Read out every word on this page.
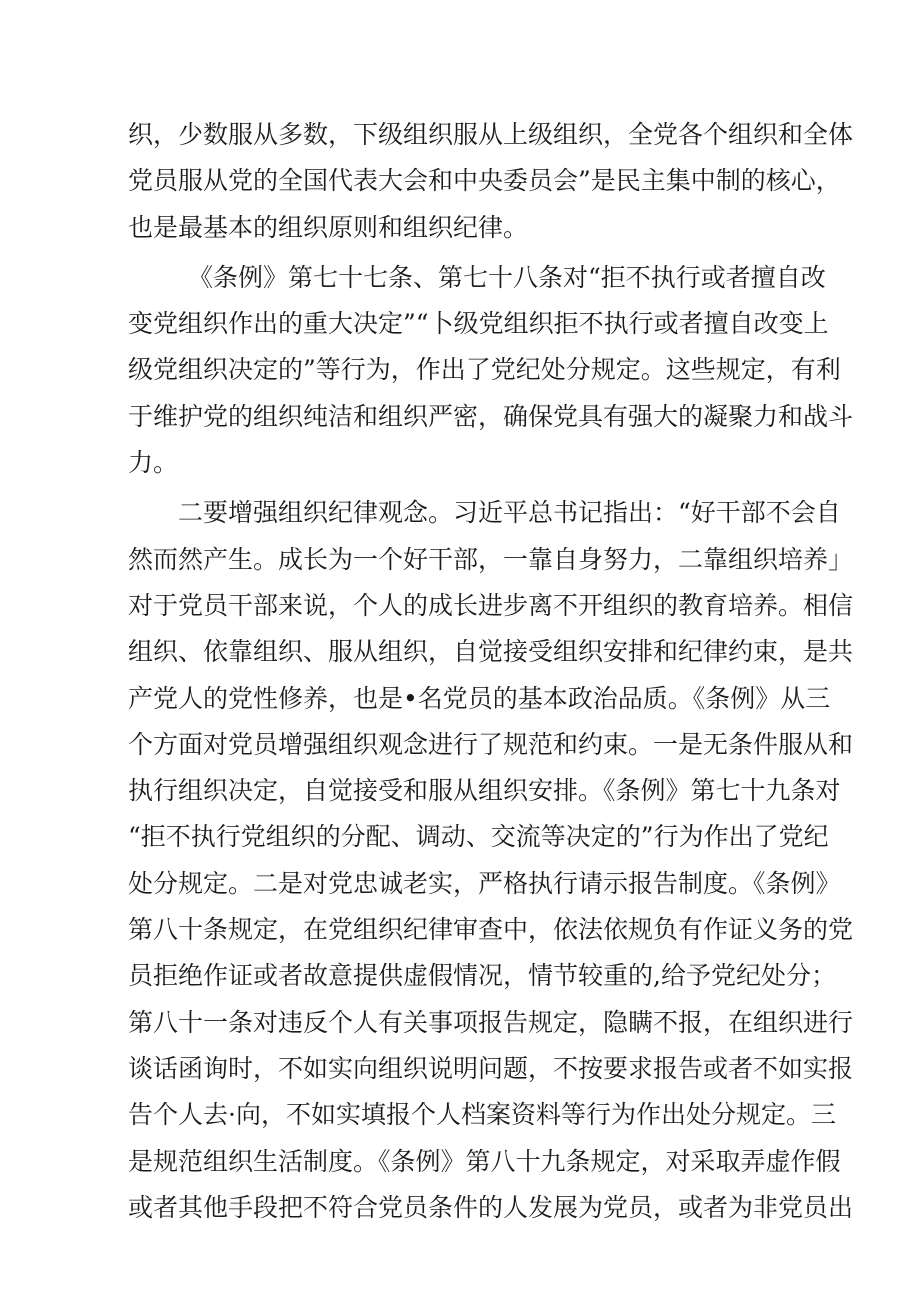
织，少数服从多数，下级组织服从上级组织，全党各个组织和全体
党员服从党的全国代表大会和中央委员会”是民主集中制的核心，
也是最基本的组织原则和组织纪律。
《条例》第七十七条、第七十八条对“拒不执行或者擅自改
变党组织作出的重大决定”“卜级党组织拒不执行或者擅自改变上
级党组织决定的”等行为，作出了党纪处分规定。这些规定，有利
于维护党的组织纯洁和组织严密，确保党具有强大的凝聚力和战斗
力。
二要增强组织纪律观念。习近平总书记指出：“好干部不会自
然而然产生。成长为一个好干部，一靠自身努力，二靠组织培养」
对于党员干部来说，个人的成长进步离不开组织的教育培养。相信
组织、依靠组织、服从组织，自觉接受组织安排和纪律约束，是共
产党人的党性修养，也是•名党员的基本政治品质。《条例》从三
个方面对党员增强组织观念进行了规范和约束。一是无条件服从和
执行组织决定，自觉接受和服从组织安排。《条例》第七十九条对
“拒不执行党组织的分配、调动、交流等决定的”行为作出了党纪
处分规定。二是对党忠诚老实，严格执行请示报告制度。《条例》
第八十条规定，在党组织纪律审查中，依法依规负有作证义务的党
员拒绝作证或者故意提供虚假情况，情节较重的,给予党纪处分；
第八十一条对违反个人有关事项报告规定，隐瞒不报，在组织进行
谈话函询时，不如实向组织说明问题，不按要求报告或者不如实报
告个人去·向，不如实填报个人档案资料等行为作出处分规定。三
是规范组织生活制度。《条例》第八十九条规定，对采取弄虚作假
或者其他手段把不符合党员条件的人发展为党员，或者为非党员出
